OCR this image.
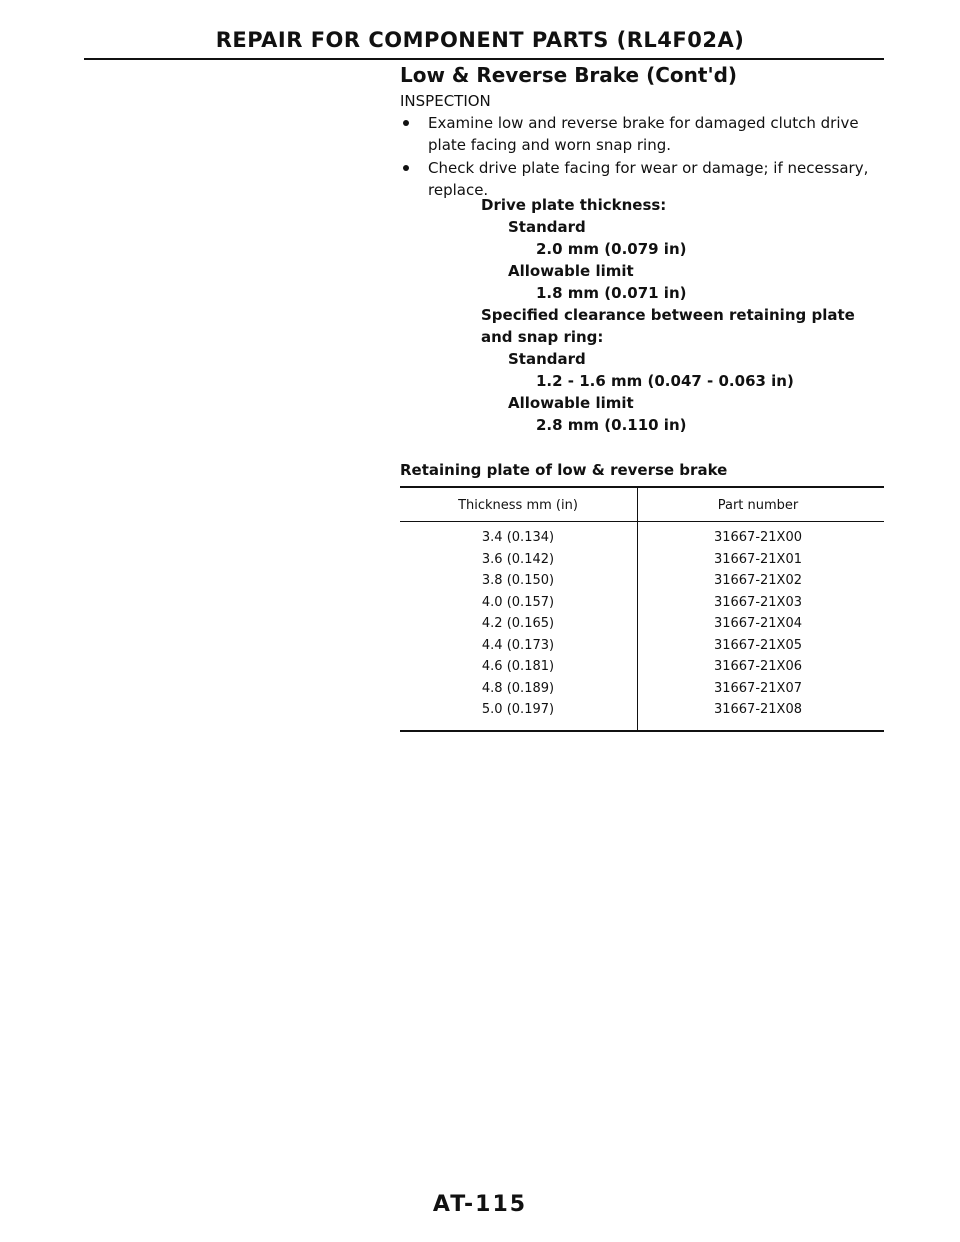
REPAIR FOR COMPONENT PARTS (RL4F02A)
Low & Reverse Brake (Cont'd)
INSPECTION
Examine low and reverse brake for damaged clutch drive plate facing and worn snap ring.
Check drive plate facing for wear or damage; if necessary, replace.
Drive plate thickness:
Standard
2.0 mm (0.079 in)
Allowable limit
1.8 mm (0.071 in)
Specified clearance between retaining plate
and snap ring:
Standard
1.2 - 1.6 mm (0.047 - 0.063 in)
Allowable limit
2.8 mm (0.110 in)
Retaining plate of low & reverse brake
Thickness mm (in)	Part number
3.4 (0.134)	31667-21X00
3.6 (0.142)	31667-21X01
3.8 (0.150)	31667-21X02
4.0 (0.157)	31667-21X03
4.2 (0.165)	31667-21X04
4.4 (0.173)	31667-21X05
4.6 (0.181)	31667-21X06
4.8 (0.189)	31667-21X07
5.0 (0.197)	31667-21X08
AT-115
